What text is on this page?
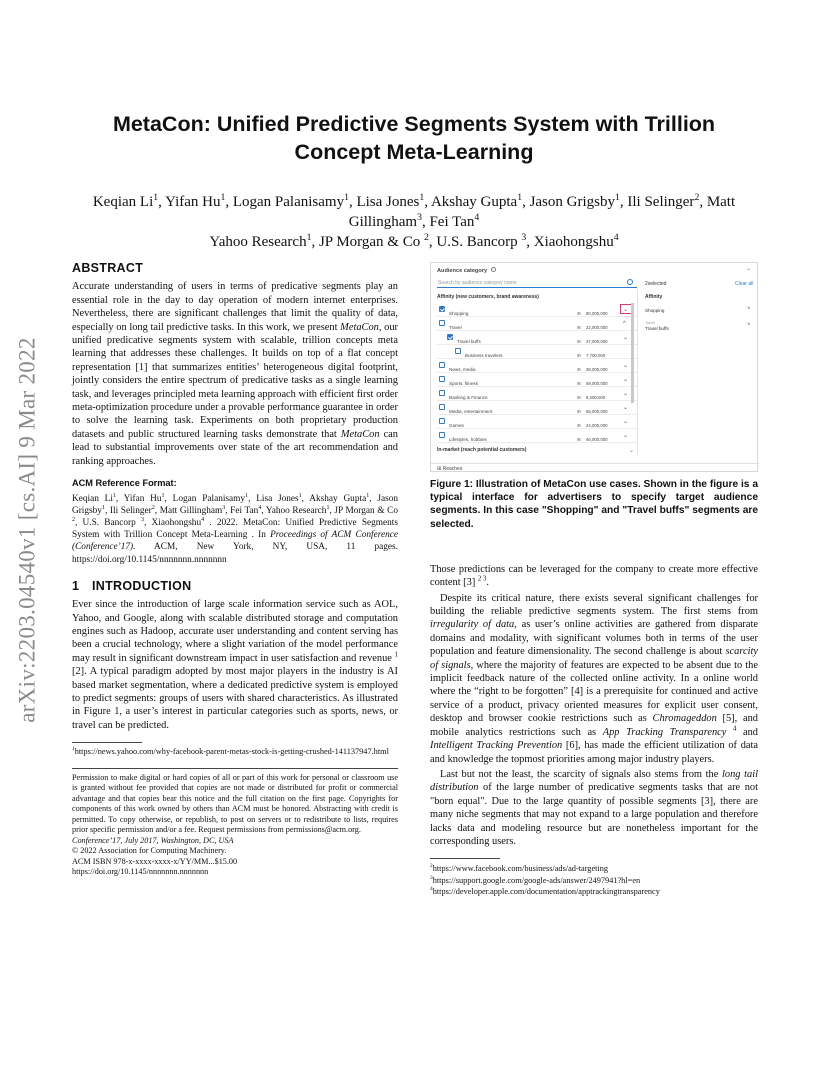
arXiv:2203.04540v1 [cs.AI] 9 Mar 2022
MetaCon: Unified Predictive Segments System with Trillion Concept Meta-Learning
Keqian Li$^1$, Yifan Hu$^1$, Logan Palanisamy$^1$, Lisa Jones$^1$, Akshay Gupta$^1$, Jason Grigsby$^1$, Ili Selinger$^2$, Matt Gillingham$^3$, Fei Tan$^4$
Yahoo Research$^1$, JP Morgan & Co $^2$, U.S. Bancorp $^3$, Xiaohongshu$^4$
ABSTRACT

Accurate understanding of users in terms of predicative segments play an essential role in the day to day operation of modern internet enterprises. Nevertheless, there are significant challenges that limit the quality of data, especially on long tail predictive tasks. In this work, we present MetaCon, our unified predicative segments system with scalable, trillion concepts meta learning that addresses these challenges. It builds on top of a flat concept representation [1] that summarizes entities’ heterogeneous digital footprint, jointly considers the entire spectrum of predicative tasks as a single learning task, and leverages principled meta learning approach with efficient first order meta-optimization procedure under a provable performance guarantee in order to solve the learning task. Experiments on both proprietary production datasets and public structured learning tasks demonstrate that MetaCon can lead to substantial improvements over state of the art recommendation and ranking approaches.

ACM Reference Format:

Keqian Li$^1$, Yifan Hu$^1$, Logan Palanisamy$^1$, Lisa Jones$^1$, Akshay Gupta$^1$, Jason Grigsby$^1$, Ili Selinger$^2$, Matt Gillingham$^3$, Fei Tan$^4$, Yahoo Research$^1$, JP Morgan & Co $^2$, U.S. Bancorp $^3$, Xiaohongshu$^4$ . 2022. MetaCon: Unified Predictive Segments System with Trillion Concept Meta-Learning . In Proceedings of ACM Conference (Conference’17). ACM, New York, NY, USA, 11 pages. https://doi.org/10.1145/nnnnnnn.nnnnnnn

1 INTRODUCTION

Ever since the introduction of large scale information service such as AOL, Yahoo, and Google, along with scalable distributed storage and computation engines such as Hadoop, accurate user understanding and content serving has been a crucial technology, where a slight variation of the model performance may result in significant downstream impact in user satisfaction and revenue $^1$ [2]. A typical paradigm adopted by most major players in the industry is AI based market segmentation, where a dedicated predictive system is employed to predict segments: groups of users with shared characteristics. As illustrated in Figure 1, a user’s interest in particular categories such as sports, news, or travel can be predicted.

$^1$https://news.yahoo.com/why-facebook-parent-metas-stock-is-getting-crushed-141137947.html

Permission to make digital or hard copies of all or part of this work for personal or classroom use is granted without fee provided that copies are not made or distributed for profit or commercial advantage and that copies bear this notice and the full citation on the first page. Copyrights for components of this work owned by others than ACM must be honored. Abstracting with credit is permitted. To copy otherwise, or republish, to post on servers or to redistribute to lists, requires prior specific permission and/or a fee. Request permissions from permissions@acm.org.
Conference’17, July 2017, Washington, DC, USA
© 2022 Association for Computing Machinery.
ACM ISBN 978-x-xxxx-xxxx-x/YY/MM...$15.00
https://doi.org/10.1145/nnnnnnn.nnnnnnn
Audience category	⌃
Search by audience category name	2selected	Clear all
Affinity (new customers, brand awareness)	Affinity
Shopping	⊞ 80,000,000	⌄
Travel	⊞ 22,000,000	^
Travel buffs	⊞ 37,000,000	⌄
Business travelers	⊞ 7,700,000
News, media	⊞ 38,000,000	⌄
Sports, fitness	⊞ 59,000,000	⌄
Banking & Finance	⊞ 8,200,000	⌄
Media, entertainment	⊞ 65,000,000	⌄
Games	⊞ 24,000,000	⌄
Lifestyles, hobbies	⊞ 46,000,000	⌄
Shopping	×
Travel
Travel buffs
×
In-market (reach potential customers)	⌄
⊞ Reaches

Figure 1: Illustration of MetaCon use cases. Shown in the figure is a typical interface for advertisers to specify target audience segments. In this case "Shopping" and "Travel buffs" segments are selected.

Those predictions can be leveraged for the company to create more effective content [3] $^{2 3}$.

Despite its critical nature, there exists several significant challenges for building the reliable predictive segments system. The first stems from irregularity of data, as user’s online activities are gathered from disparate domains and modality, with significant volumes both in terms of the user population and feature dimensionality. The second challenge is about scarcity of signals, where the majority of features are expected to be absent due to the implicit feedback nature of the collected online activity. In a online world where the “right to be forgotten” [4] is a prerequisite for continued and active service of a product, privacy oriented measures for explicit user consent, desktop and browser cookie restrictions such as Chromageddon [5], and mobile analytics restrictions such as App Tracking Transparency $^4$ and Intelligent Tracking Prevention [6], has made the efficient utilization of data and knowledge the topmost priorities among major industry players.

Last but not the least, the scarcity of signals also stems from the long tail distribution of the large number of predicative segments tasks that are not "born equal". Due to the large quantity of possible segments [3], there are many niche segments that may not expand to a large population and therefore lacks data and modeling resource but are nonetheless important for the corresponding users.

$^2$https://www.facebook.com/business/ads/ad-targeting

$^3$https://support.google.com/google-ads/answer/2497941?hl=en

$^4$https://developer.apple.com/documentation/apptrackingtransparency
